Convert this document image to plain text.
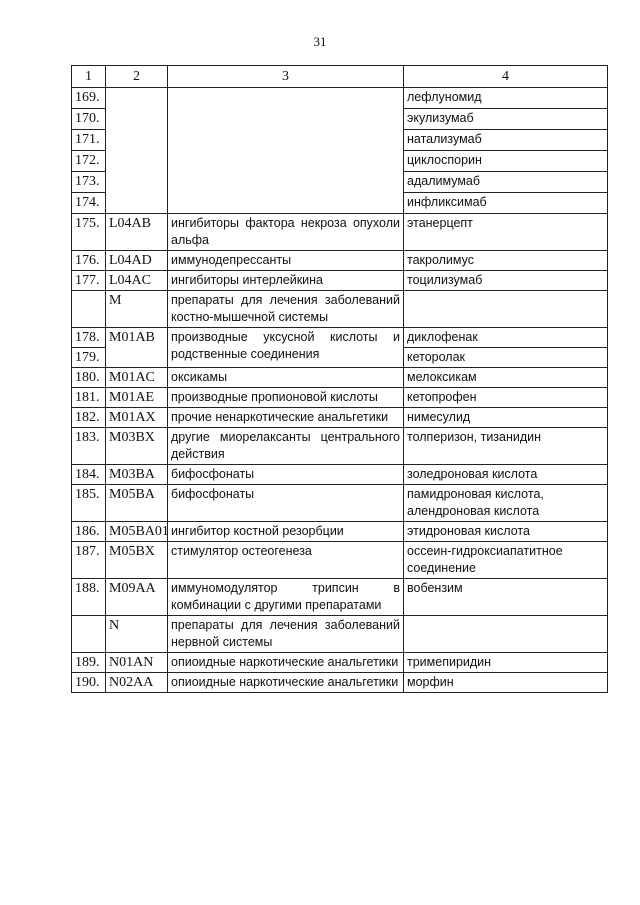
31
1	2	3	4
169.			лефлуномид
170.			экулизумаб
171.			натализумаб
172.			циклоспорин
173.			адалимумаб
174.			инфликсимаб
175.	L04AB	ингибиторы фактора некроза опухоли альфа	этанерцепт
176.	L04AD	иммунодепрессанты	такролимус
177.	L04AC	ингибиторы интерлейкина	тоцилизумаб
	M	препараты для лечения заболеваний костно-мышечной системы	
178.	M01AB	производные уксусной кислоты и родственные соединения	диклофенак
179.			кеторолак
180.	M01AC	оксикамы	мелоксикам
181.	M01AE	производные пропионовой кислоты	кетопрофен
182.	M01AX	прочие ненаркотические анальгетики	нимесулид
183.	M03BX	другие миорелаксанты центрального действия	толперизон, тизанидин
184.	M03BA	бифосфонаты	золедроновая кислота
185.	M05BA	бифосфонаты	памидроновая кислота, алендроновая кислота
186.	M05BA01	ингибитор костной резорбции	этидроновая кислота
187.	M05BX	стимулятор остеогенеза	оссеин-гидроксиапатитное соединение
188.	M09AA	иммуномодулятор трипсин в комбинации с другими препаратами	вобензим
	N	препараты для лечения заболеваний нервной системы	
189.	N01AN	опиоидные наркотические анальгетики	тримепиридин
190.	N02AA	опиоидные наркотические анальгетики	морфин
